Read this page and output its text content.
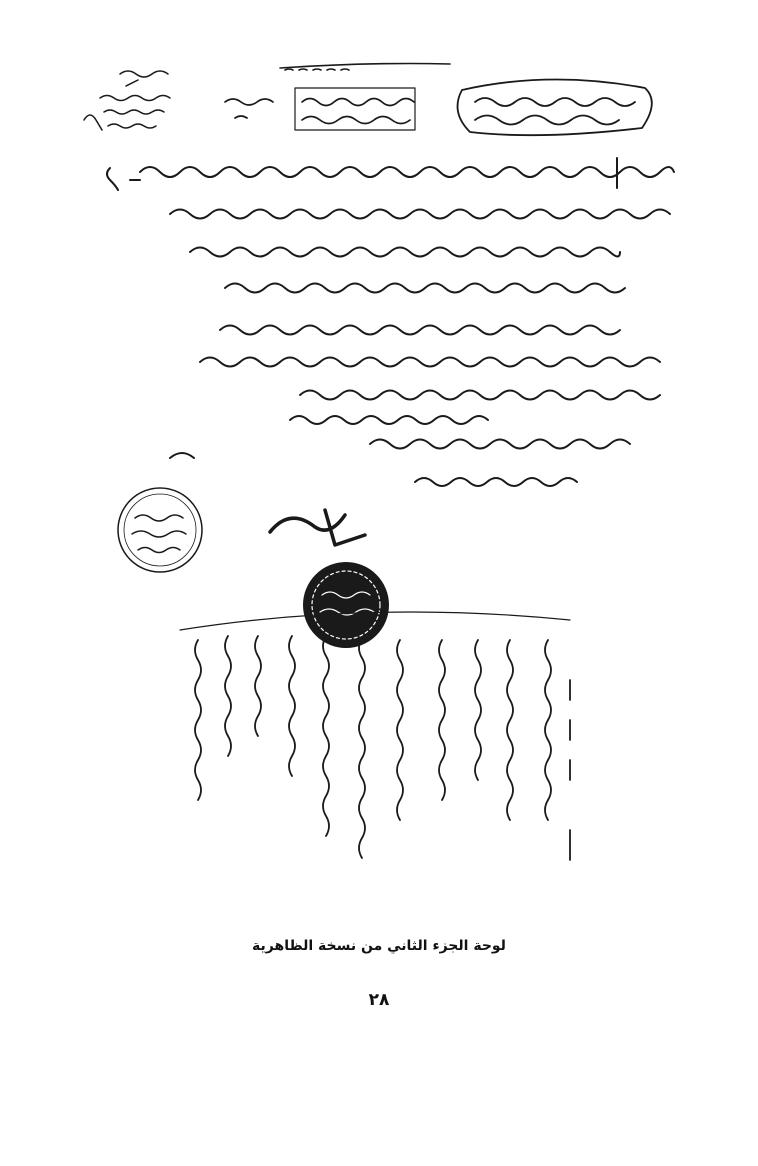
لوحة الجزء الثاني من نسخة الظاهرية
٢٨
